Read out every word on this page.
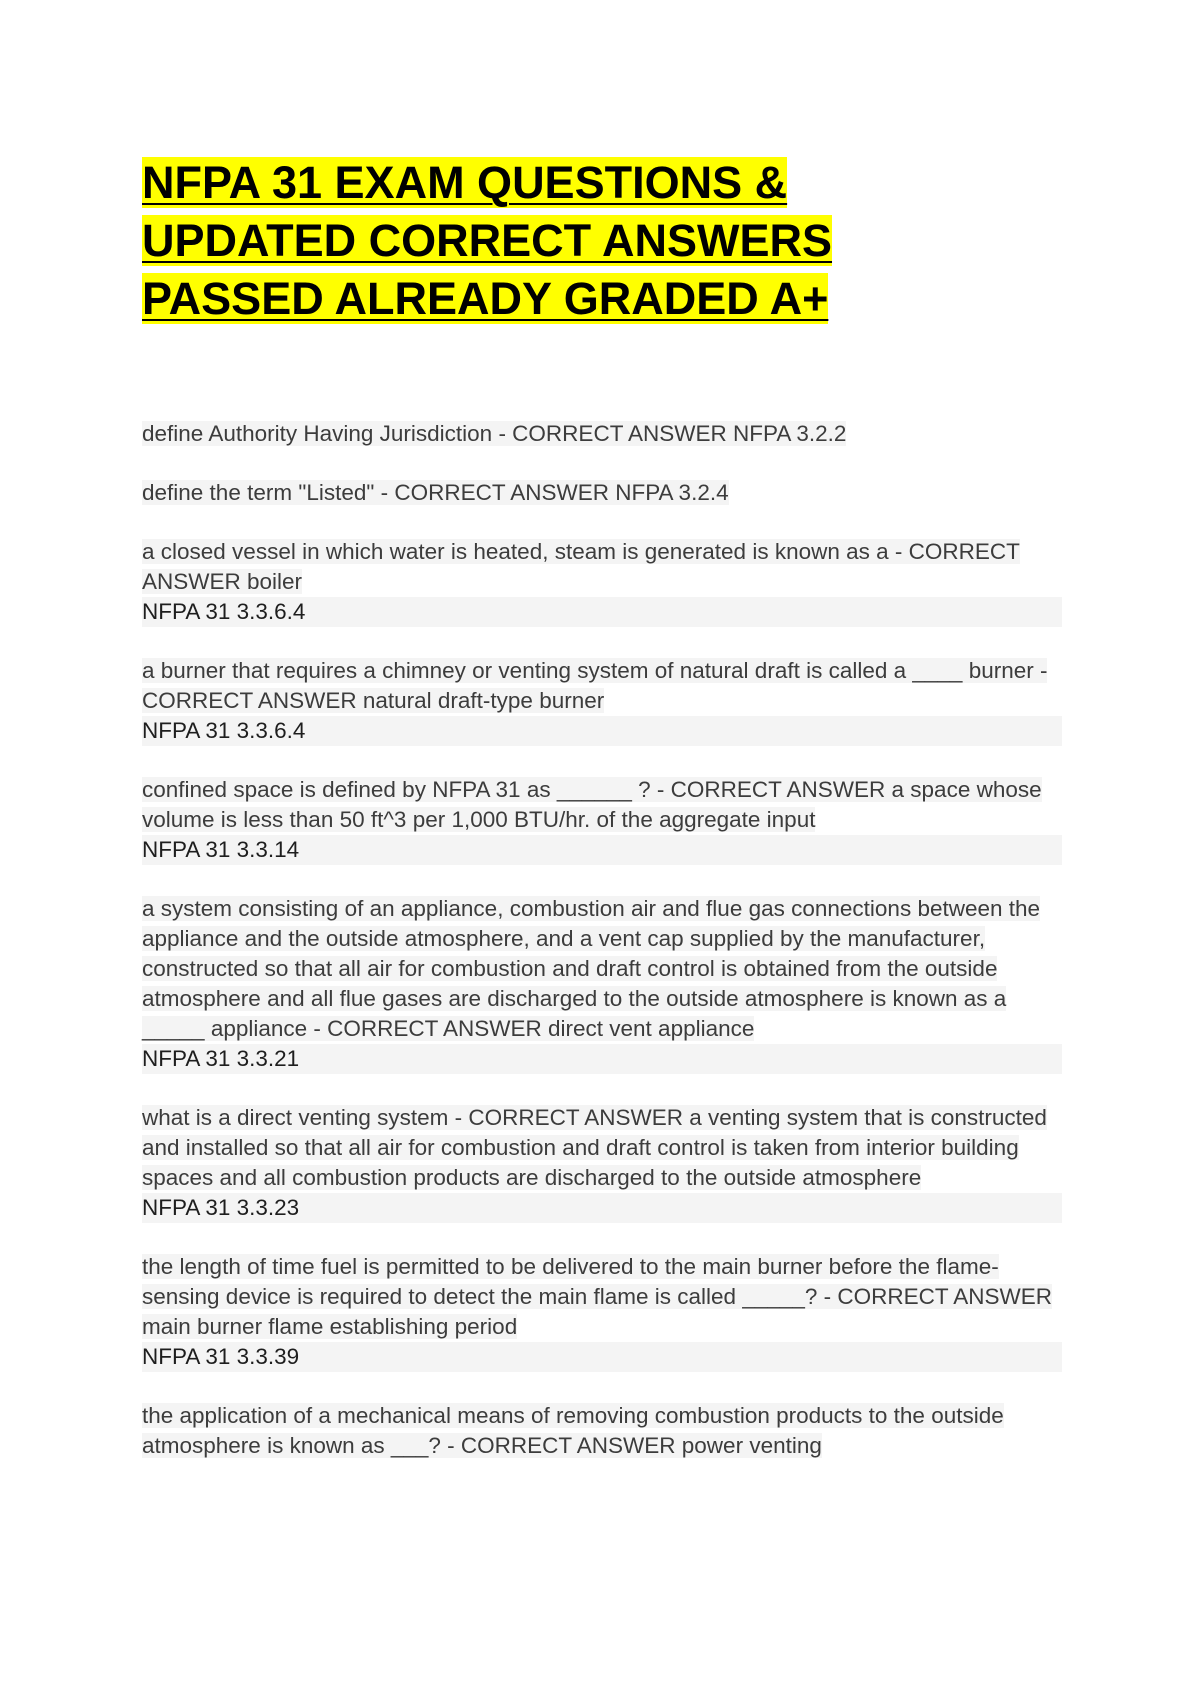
NFPA 31 EXAM QUESTIONS &
UPDATED CORRECT ANSWERS
PASSED ALREADY GRADED A+

define Authority Having Jurisdiction - CORRECT ANSWER NFPA 3.2.2

define the term "Listed" - CORRECT ANSWER NFPA 3.2.4

a closed vessel in which water is heated, steam is generated is known as a - CORRECT ANSWER boiler
NFPA 31 3.3.6.4

a burner that requires a chimney or venting system of natural draft is called a ____ burner - CORRECT ANSWER natural draft-type burner
NFPA 31 3.3.6.4

confined space is defined by NFPA 31 as ______ ? - CORRECT ANSWER a space whose volume is less than 50 ft^3 per 1,000 BTU/hr. of the aggregate input
NFPA 31 3.3.14

a system consisting of an appliance, combustion air and flue gas connections between the appliance and the outside atmosphere, and a vent cap supplied by the manufacturer, constructed so that all air for combustion and draft control is obtained from the outside atmosphere and all flue gases are discharged to the outside atmosphere is known as a _____ appliance - CORRECT ANSWER direct vent appliance
NFPA 31 3.3.21

what is a direct venting system - CORRECT ANSWER a venting system that is constructed and installed so that all air for combustion and draft control is taken from interior building spaces and all combustion products are discharged to the outside atmosphere
NFPA 31 3.3.23

the length of time fuel is permitted to be delivered to the main burner before the flame-sensing device is required to detect the main flame is called _____? - CORRECT ANSWER main burner flame establishing period
NFPA 31 3.3.39

the application of a mechanical means of removing combustion products to the outside atmosphere is known as ___? - CORRECT ANSWER power venting
